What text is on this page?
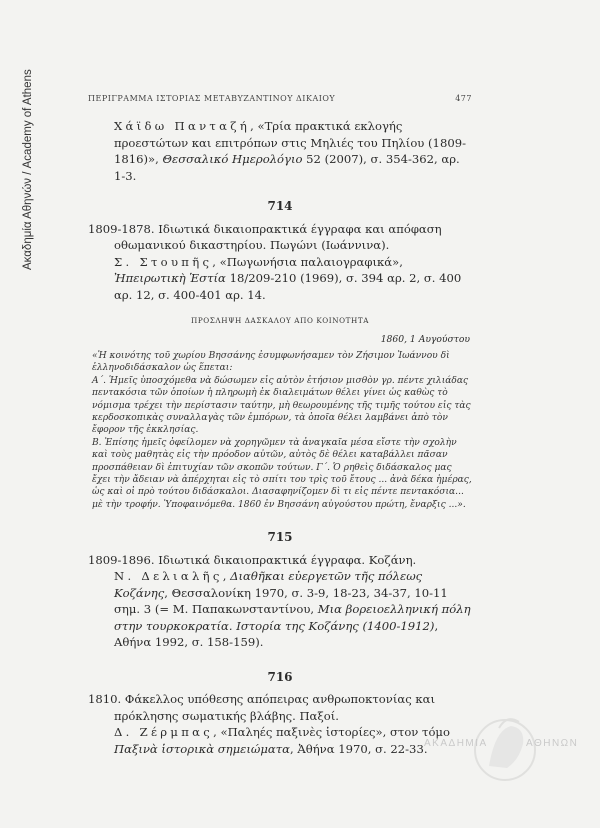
Ακαδημία Αθηνών / Academy of Athens	ΠΕΡΙΓΡΑΜΜΑ ΙΣΤΟΡΙΑΣ ΜΕΤΑΒΥΖΑΝΤΙΝΟΥ ΔΙΚΑΙΟΥ	477
Χάϊδω Πανταζή, «Τρία πρακτικά εκλογής προεστώτων και επιτρόπων στις Μηλιές του Πηλίου (1809-1816)», Θεσσαλικό Ημερολόγιο 52 (2007), σ. 354-362, αρ. 1-3.
714
1809-1878. Ιδιωτικά δικαιοπρακτικά έγγραφα και απόφαση οθωμανικού δικαστηρίου. Πωγώνι (Ιωάννινα).
Σ. Στουπῆς, «Πωγωνήσια παλαιογραφικά», Ἠπειρωτικὴ Ἑστία 18/209-210 (1969), σ. 394 αρ. 2, σ. 400 αρ. 12, σ. 400-401 αρ. 14.
ΠΡΟΣΛΗΨΗ ΔΑΣΚΑΛΟΥ ΑΠΟ ΚΟΙΝΟΤΗΤΑ
1860, 1 Αυγούστου

«Ἡ κοινότης τοῦ χωρίου Βησσάνης ἐσυμφωνήσαμεν τὸν Ζήσιμον Ἰωάννου δὶ ἑλληνοδιδάσκαλον ὡς ἕπεται:

Α΄. Ἡμεῖς ὑποσχόμεθα νὰ δώσωμεν εἰς αὐτὸν ἐτήσιον μισθὸν γρ. πέντε χιλιάδας πεντακόσια τῶν ὁποίων ἡ πληρωμὴ ἐκ διαλειμάτων θέλει γίνει ὡς καθὼς τὸ νόμισμα τρέχει τὴν περίστασιν ταύτην, μὴ θεωρουμένης τῆς τιμῆς τούτου εἰς τὰς κερδοσκοπικὰς συναλλαγὰς τῶν ἐμπόρων, τὰ ὁποῖα θέλει λαμβάνει ἀπὸ τὸν ἔφορον τῆς ἐκκλησίας.

Β. Ἐπίσης ἡμεῖς ὀφείλομεν νὰ χορηγῶμεν τὰ ἀναγκαῖα μέσα εἴστε τὴν σχολὴν καὶ τοὺς μαθητὰς εἰς τὴν πρόοδον αὐτῶν, αὐτὸς δὲ θέλει καταβάλλει πᾶσαν προσπάθειαν δὶ ἐπιτυχίαν τῶν σκοπῶν τούτων. Γ΄. Ὁ ρηθεὶς διδάσκαλος μας ἔχει τὴν ἄδειαν νὰ ἀπέρχηται εἰς τὸ σπίτι του τρὶς τοῦ ἔτους ... ἀνὰ δέκα ἡμέρας, ὡς καὶ οἱ πρὸ τούτου διδάσκαλοι. Διασαφηνίζομεν δὶ τι εἰς πέντε πεντακόσια... μὲ τὴν τροφήν. Ὑποφαινόμεθα. 1860 ἐν Βησσάνη αὐγούστου πρώτη, ἔναρξις ...».

715
1809-1896. Ιδιωτικά δικαιοπρακτικά έγγραφα. Κοζάνη.
Ν. Δελιαλῆς, Διαθῆκαι εὐεργετῶν τῆς πόλεως Κοζάνης, Θεσσαλονίκη 1970, σ. 3-9, 18-23, 34-37, 10-11 σημ. 3 (= Μ. Παπακωνσταντίνου, Μια βορειοελληνική πόλη στην τουρκοκρατία. Ιστορία της Κοζάνης (1400-1912), Αθήνα 1992, σ. 158-159).
716
1810. Φάκελλος υπόθεσης απόπειρας ανθρωποκτονίας και πρόκλησης σωματικής βλάβης. Παξοί.
Δ. Ζέρμπας, «Παληές παξινὲς ἱστορίες», στον τόμο Παξινὰ ἱστορικὰ σημειώματα, Ἀθήνα 1970, σ. 22-33.
ΑΚΑΔΗΜΙΑ	ΑΘΗΝΩΝ
